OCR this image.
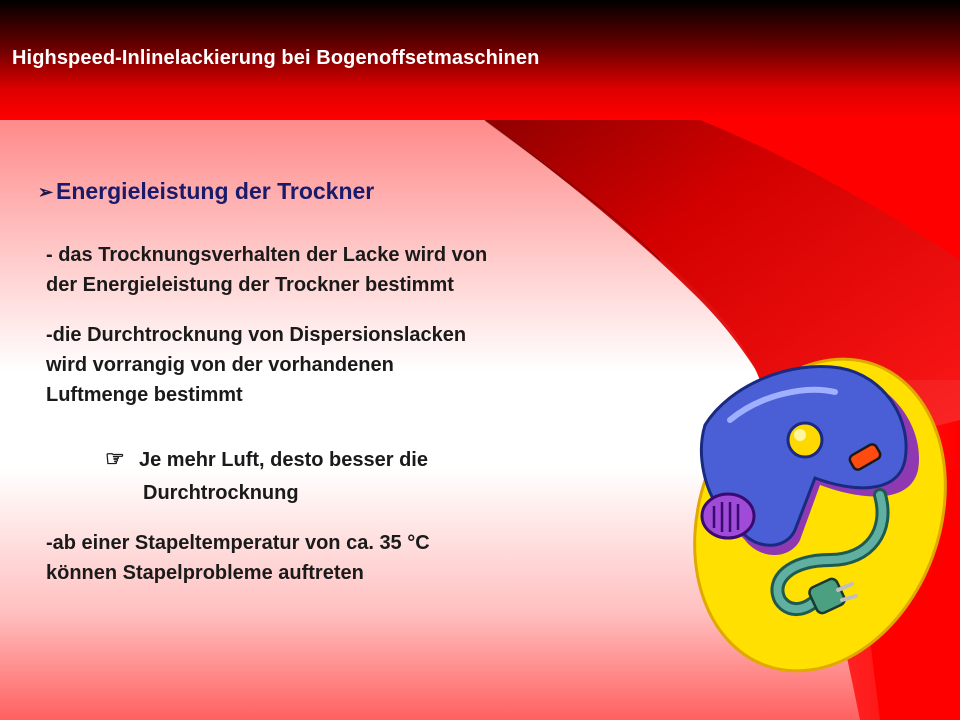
Highspeed-Inlinelackierung bei Bogenoffsetmaschinen
➢ Energieleistung der Trockner
- das Trocknungsverhalten der Lacke wird von
der Energieleistung der Trockner bestimmt
-die Durchtrocknung von Dispersionslacken
wird vorrangig von der vorhandenen
Luftmenge bestimmt
☞ Je mehr Luft, desto besser die
Durchtrocknung
-ab einer Stapeltemperatur von ca. 35 °C
können Stapelprobleme auftreten
